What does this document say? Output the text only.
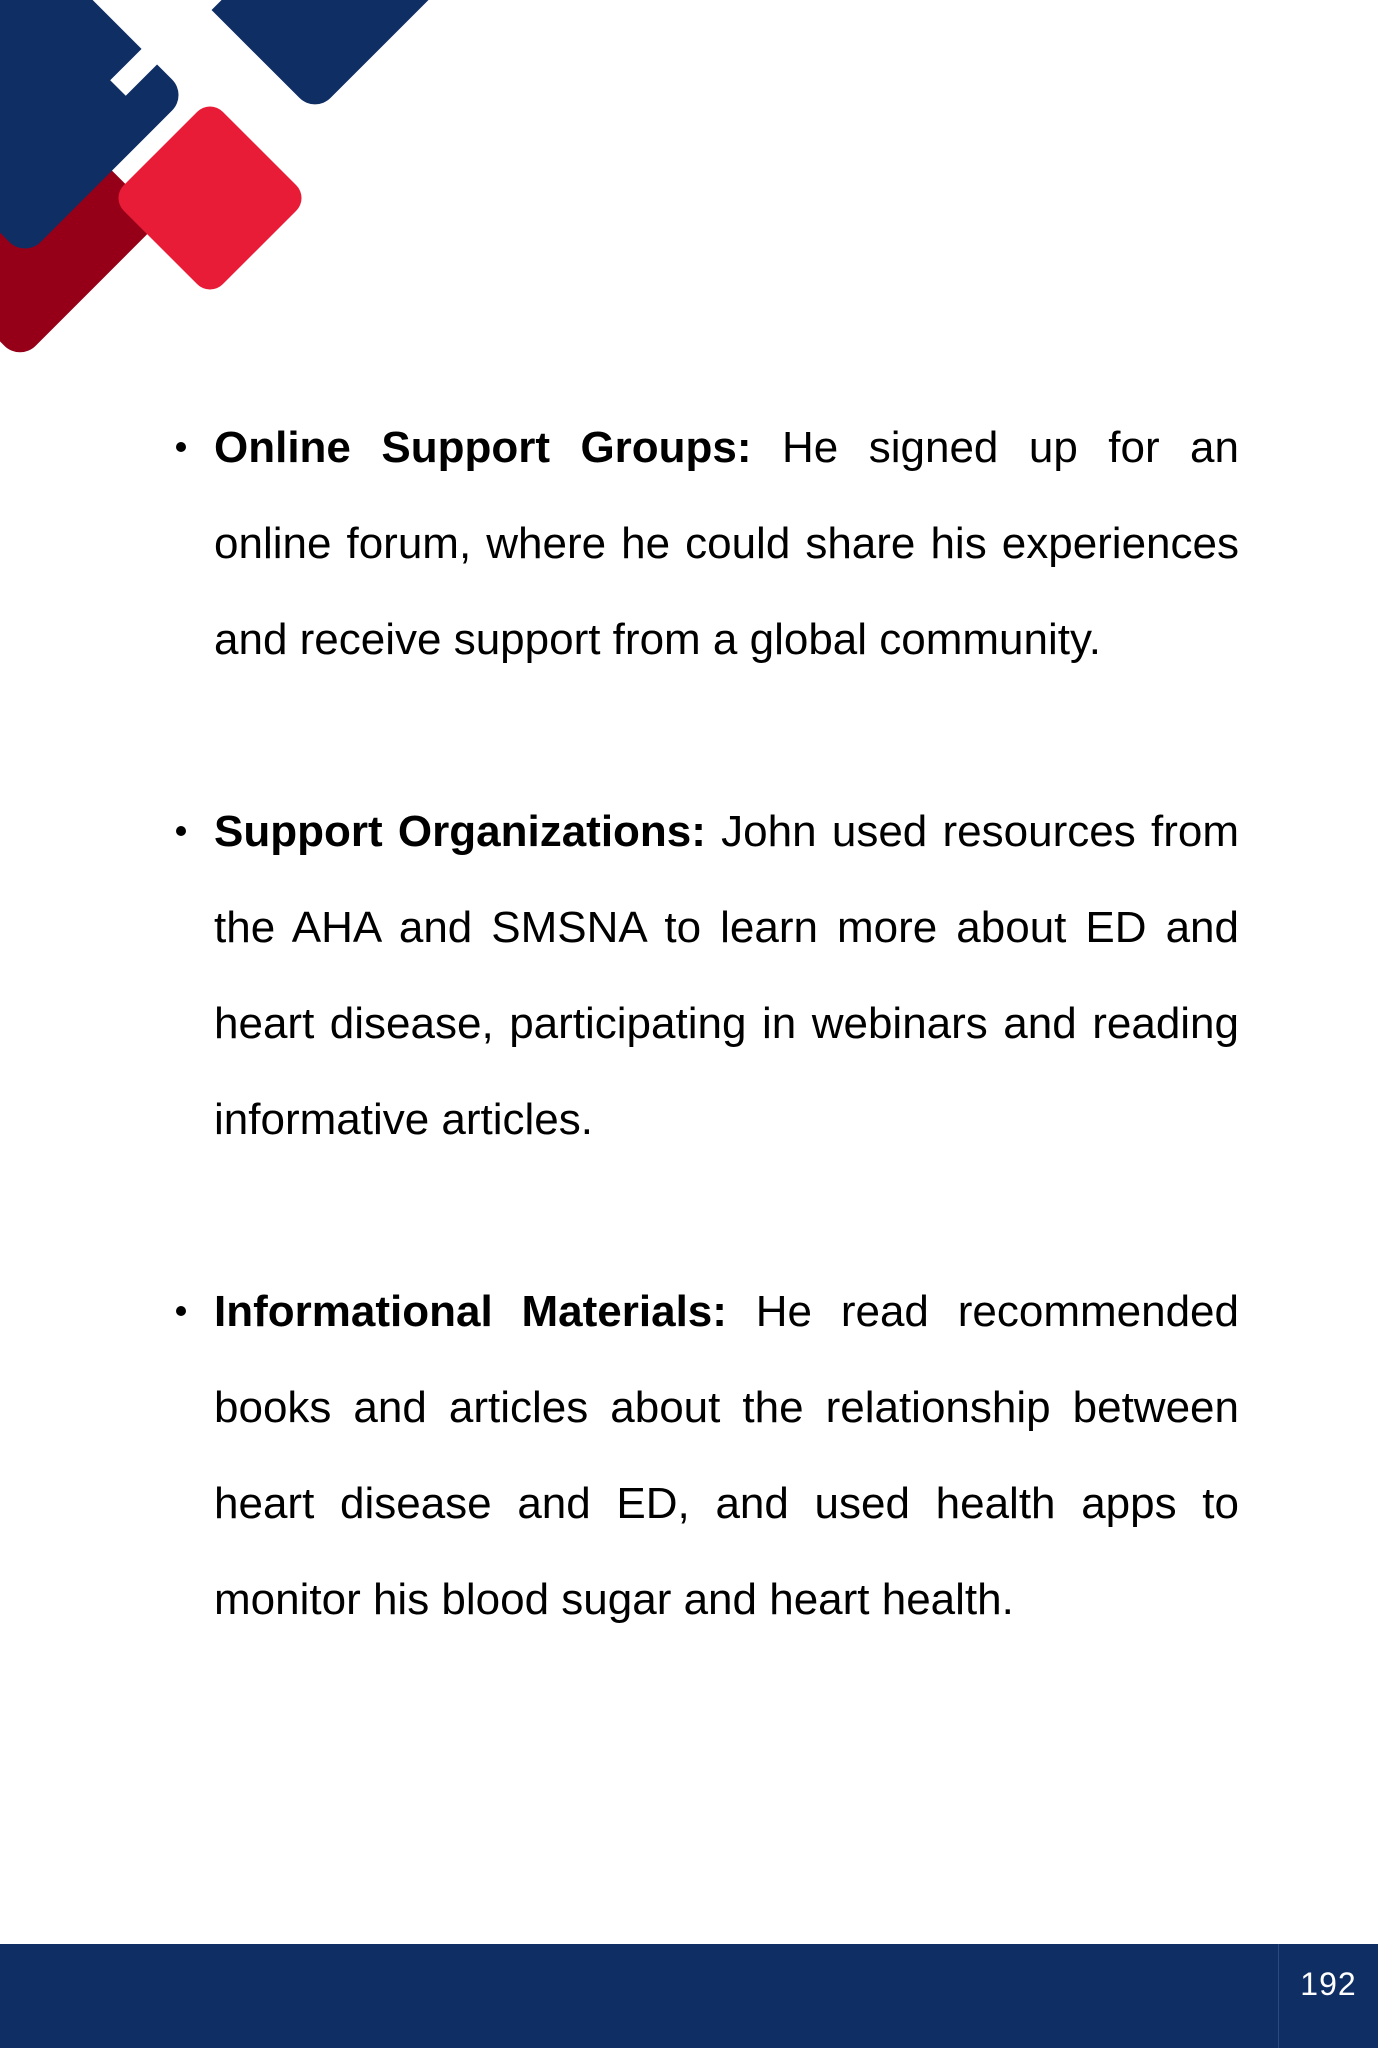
Online Support Groups: He signed up for an online forum, where he could share his experiences and receive support from a global community.

Support Organizations: John used resources from the AHA and SMSNA to learn more about ED and heart disease, participating in webinars and reading informative articles.

Informational Materials: He read recommended books and articles about the relationship between heart disease and ED, and used health apps to monitor his blood sugar and heart health.

192
